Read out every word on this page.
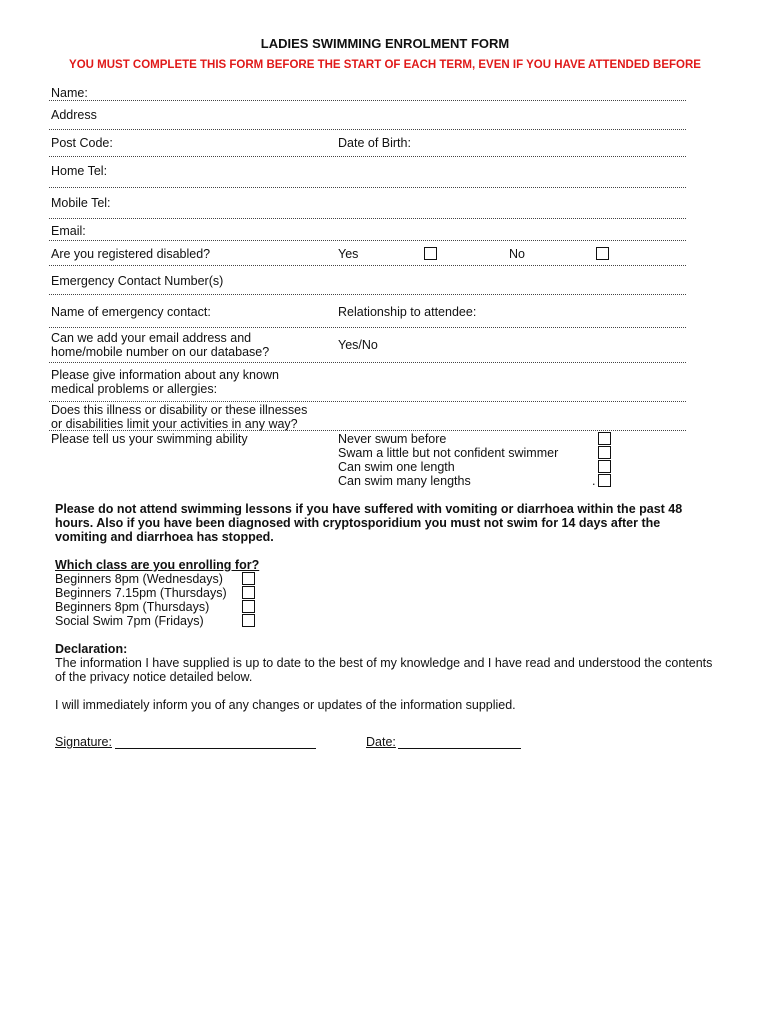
LADIES SWIMMING ENROLMENT FORM
YOU MUST COMPLETE THIS FORM BEFORE THE START OF EACH TERM, EVEN IF YOU HAVE ATTENDED BEFORE
Name:
Address
Post Code:	Date of Birth:
Home Tel:
Mobile Tel:
Email:
Are you registered disabled?	Yes	No
Emergency Contact Number(s)
Name of emergency contact:	Relationship to attendee:
Can we add your email address and
home/mobile number on our database?	Yes/No
Please give information about any known
medical problems or allergies:
Does this illness or disability or these illnesses
or disabilities limit your activities in any way?
Please tell us your swimming ability	Never swum before
Swam a little but not confident swimmer
Can swim one length
Can swim many lengths	.
Please do not attend swimming lessons if you have suffered with vomiting or diarrhoea within the past 48 hours. Also if you have been diagnosed with cryptosporidium you must not swim for 14 days after the vomiting and diarrhoea has stopped.
Which class are you enrolling for?
Beginners 8pm (Wednesdays)
Beginners 7.15pm (Thursdays)
Beginners 8pm (Thursdays)
Social Swim 7pm (Fridays)
Declaration:
The information I have supplied is up to date to the best of my knowledge and I have read and understood the contents of the privacy notice detailed below.
I will immediately inform you of any changes or updates of the information supplied.
Signature:	Date:
